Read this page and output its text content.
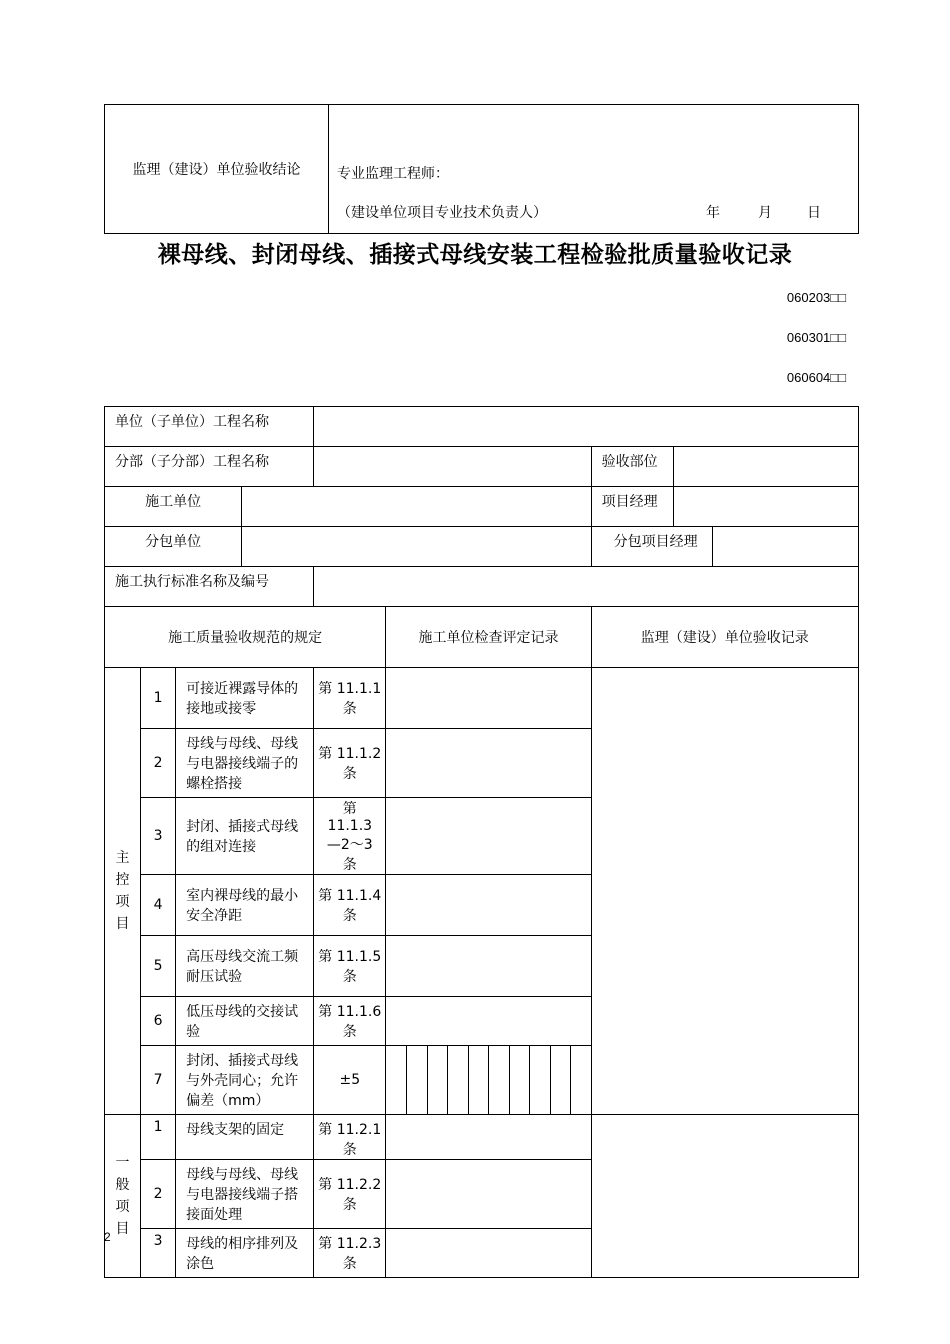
监理（建设）单位验收结论	专业监理工程师：
（建设单位项目专业技术负责人）	年	月	日
裸母线、封闭母线、插接式母线安装工程检验批质量验收记录
060203□□
060301□□
060604□□
单位（子单位）工程名称								
分部（子分部）工程名称						验收部位		
施工单位						项目经理		
分包单位						分包项目经理		
施工执行标准名称及编号								
施工质量验收规范的规定					施工单位检查评定记录	监理（建设）单位验收记录		
主
控
项
目	1	可接近裸露导体的接地或接零		第 11.1.1 条				
	2	母线与母线、母线与电器接线端子的螺栓搭接		第 11.1.2 条				
	3	封闭、插接式母线的组对连接		第 11.1.3—2～3 条				
	4	室内裸母线的最小安全净距		第 11.1.4 条				
	5	高压母线交流工频耐压试验		第 11.1.5 条				
	6	低压母线的交接试验		第 11.1.6 条				
	7	封闭、插接式母线与外壳同心；允许偏差（mm）		±5				

一
般
项
目	1	母线支架的固定		第 11.2.1 条				
	2	母线与母线、母线与电器接线端子搭接面处理		第 11.2.2 条				
	3	母线的相序排列及涂色		第 11.2.3 条				
2
